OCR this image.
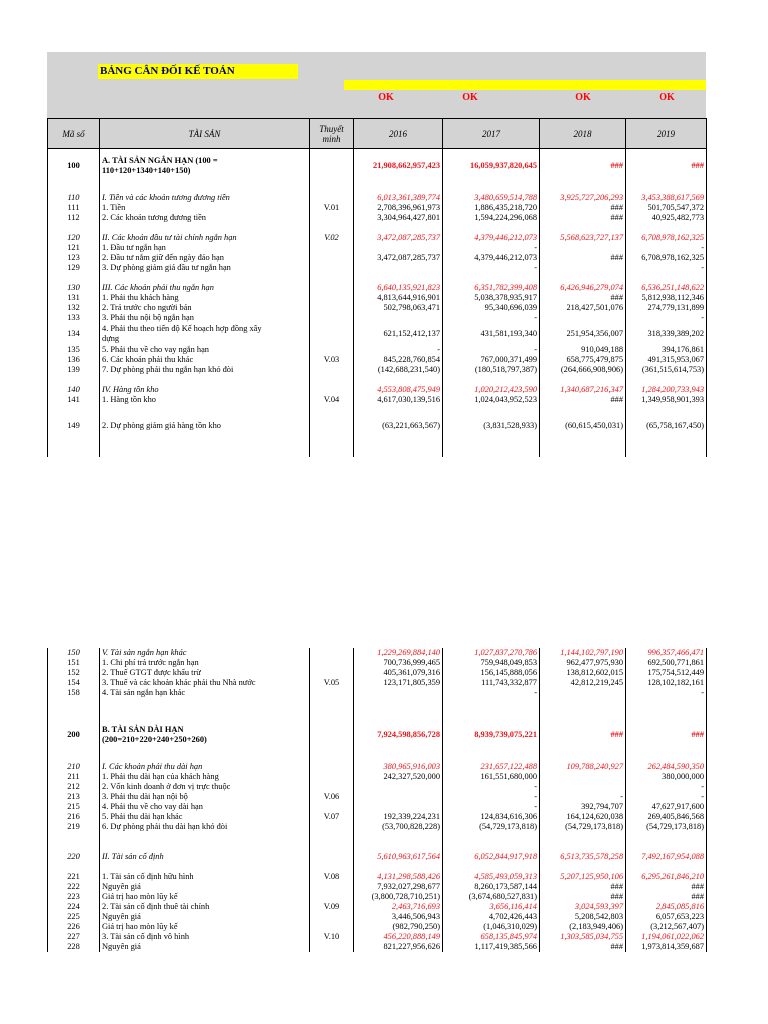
BẢNG CÂN ĐỐI KẾ TOÁN
OK	OK	OK	OK
Mã số	TÀI SẢN	Thuyết minh	2016	2017	2018	2019
100	A. TÀI SẢN NGẮN HẠN (100 =
110+120+1340+140+150)		21,908,662,957,423	16,059,937,820,645	###	###

110	I. Tiền và các khoản tương đương tiền		6,013,361,389,774	3,480,659,514,788	3,925,727,206,293	3,453,388,617,569
111	1. Tiền	V.01	2,708,396,961,973	1,886,435,218,720	###	501,705,547,372
112	2. Các khoản tương đương tiền		3,304,964,427,801	1,594,224,296,068	###	40,925,482,773

120	II. Các khoản đầu tư tài chính ngắn hạn	V.02	3,472,087,285,737	4,379,446,212,073	5,568,623,727,137	6,708,978,162,325
121	1. Đầu tư ngắn hạn			-		-
123	2. Đầu tư nắm giữ đến ngày đáo hạn		3,472,087,285,737	4,379,446,212,073	###	6,708,978,162,325
129	3. Dự phòng giảm giá đầu tư ngắn hạn			-		-

130	III. Các khoản phải thu ngắn hạn		6,640,135,921,823	6,351,782,399,408	6,426,946,279,074	6,536,251,148,622
131	1. Phải thu khách hàng		4,813,644,916,901	5,038,378,935,917	###	5,812,938,112,346
132	2. Trả trước cho người bán		502,798,063,471	95,340,696,039	218,427,501,076	274,779,131,899
133	3. Phải thu nội bộ ngắn hạn			-		-
134	4. Phải thu theo tiến độ Kế hoạch hợp đồng xây
dựng		621,152,412,137	431,581,193,340	251,954,356,007	318,339,389,202
135	5. Phải thu về cho vay ngắn hạn		-	-	910,049,188	394,176,861
136	6. Các khoản phải thu khác	V.03	845,228,760,854	767,000,371,499	658,775,479,875	491,315,953,067
139	7. Dự phòng phải thu ngắn hạn khó đòi		(142,688,231,540)	(180,518,797,387)	(264,666,908,906)	(361,515,614,753)

140	IV. Hàng tồn kho		4,553,808,475,949	1,020,212,423,590	1,340,687,216,347	1,284,200,733,943
141	1. Hàng tồn kho	V.04	4,617,030,139,516	1,024,043,952,523	###	1,349,958,901,393

149	2. Dự phòng giảm giá hàng tồn kho		(63,221,663,567)	(3,831,528,933)	(60,615,450,031)	(65,758,167,450)

150	V. Tài sản ngắn hạn khác		1,229,269,884,140	1,027,837,270,786	1,144,102,797,190	996,357,466,471
151	1. Chi phí trả trước ngắn hạn		700,736,999,465	759,948,049,853	962,477,975,930	692,500,771,861
152	2. Thuế GTGT được khấu trừ		405,361,079,316	156,145,888,056	138,812,602,015	175,754,512,449
154	3. Thuế và các khoản khác phải thu Nhà nước	V.05	123,171,805,359	111,743,332,877	42,812,219,245	128,102,182,161
158	4. Tài sản ngắn hạn khác			-		-

200	B. TÀI SẢN DÀI HẠN
(200=210+220+240+250+260)		7,924,598,856,728	8,939,739,075,221	###	###

210	I. Các khoản phải thu dài hạn		380,965,916,003	231,657,122,488	109,788,240,927	262,484,590,350
211	1. Phải thu dài hạn của khách hàng		242,327,520,000	161,551,680,000		380,000,000
212	2. Vốn kinh doanh ở đơn vị trực thuộc			-		-
213	3. Phải thu dài hạn nội bộ	V.06		-	-	-
215	4. Phải thu về cho vay dài hạn			-	392,794,707	47,627,917,600
216	5. Phải thu dài hạn khác	V.07	192,339,224,231	124,834,616,306	164,124,620,038	269,405,846,568
219	6. Dự phòng phải thu dài hạn khó đòi		(53,700,828,228)	(54,729,173,818)	(54,729,173,818)	(54,729,173,818)

220	II. Tài sản cố định		5,610,963,617,564	6,052,844,917,918	6,513,735,578,258	7,492,167,954,088

221	1. Tài sản cố định hữu hình	V.08	4,131,298,588,426	4,585,493,059,313	5,207,125,950,106	6,295,261,846,210
222	Nguyên giá		7,932,027,298,677	8,260,173,587,144	###	###
223	Giá trị hao mòn lũy kế		(3,800,728,710,251)	(3,674,680,527,831)	###	###
224	2. Tài sản cố định thuê tài chính	V.09	2,463,716,693	3,656,116,414	3,024,593,397	2,845,085,816
225	Nguyên giá		3,446,506,943	4,702,426,443	5,208,542,803	6,057,653,223
226	Giá trị hao mòn lũy kế		(982,790,250)	(1,046,310,029)	(2,183,949,406)	(3,212,567,407)
227	3. Tài sản cố định vô hình	V.10	456,220,888,149	658,135,845,974	1,303,585,034,755	1,194,061,022,062
228	Nguyên giá		821,227,956,626	1,117,419,385,566	###	1,973,814,359,687
